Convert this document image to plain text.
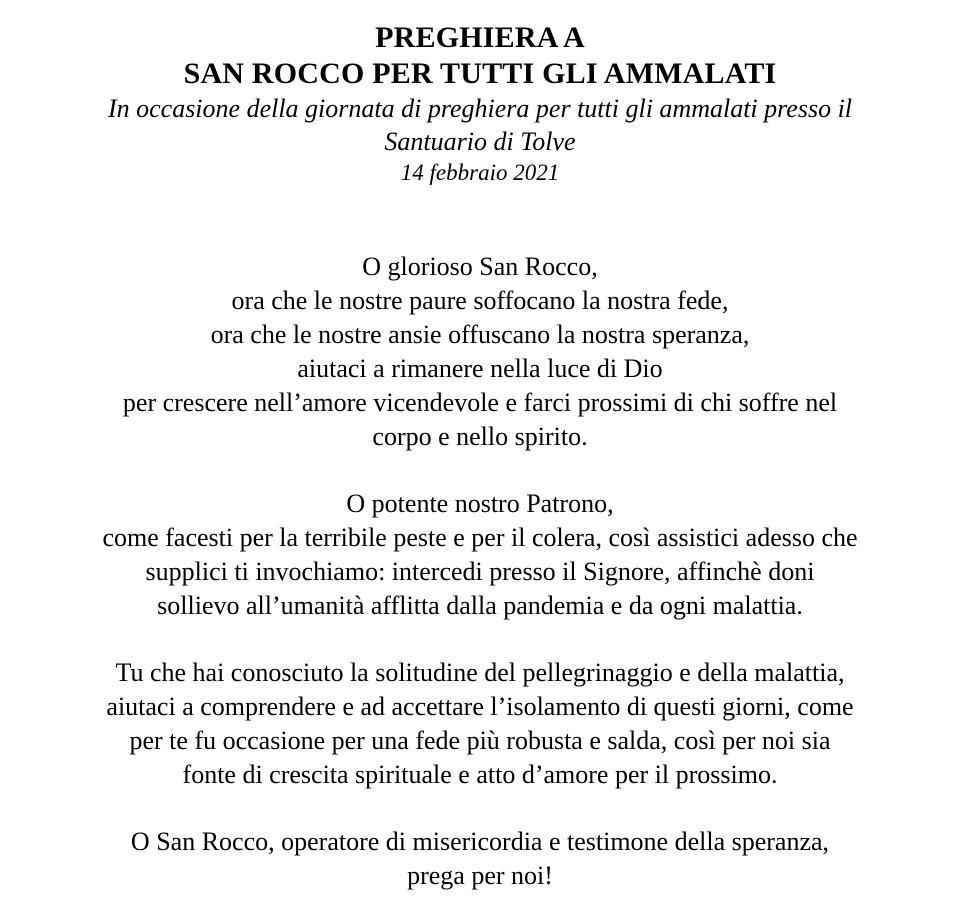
PREGHIERA A
SAN ROCCO PER TUTTI GLI AMMALATI

In occasione della giornata di preghiera per tutti gli ammalati presso il

Santuario di Tolve

14 febbraio 2021

O glorioso San Rocco,
ora che le nostre paure soffocano la nostra fede,
ora che le nostre ansie offuscano la nostra speranza,
aiutaci a rimanere nella luce di Dio
per crescere nell’amore vicendevole e farci prossimi di chi soffre nel
corpo e nello spirito.
O potente nostro Patrono,
come facesti per la terribile peste e per il colera, così assistici adesso che
supplici ti invochiamo: intercedi presso il Signore, affinchè doni
sollievo all’umanità afflitta dalla pandemia e da ogni malattia.
Tu che hai conosciuto la solitudine del pellegrinaggio e della malattia,
aiutaci a comprendere e ad accettare l’isolamento di questi giorni, come
per te fu occasione per una fede più robusta e salda, così per noi sia
fonte di crescita spirituale e atto d’amore per il prossimo.
O San Rocco, operatore di misericordia e testimone della speranza,
prega per noi!
